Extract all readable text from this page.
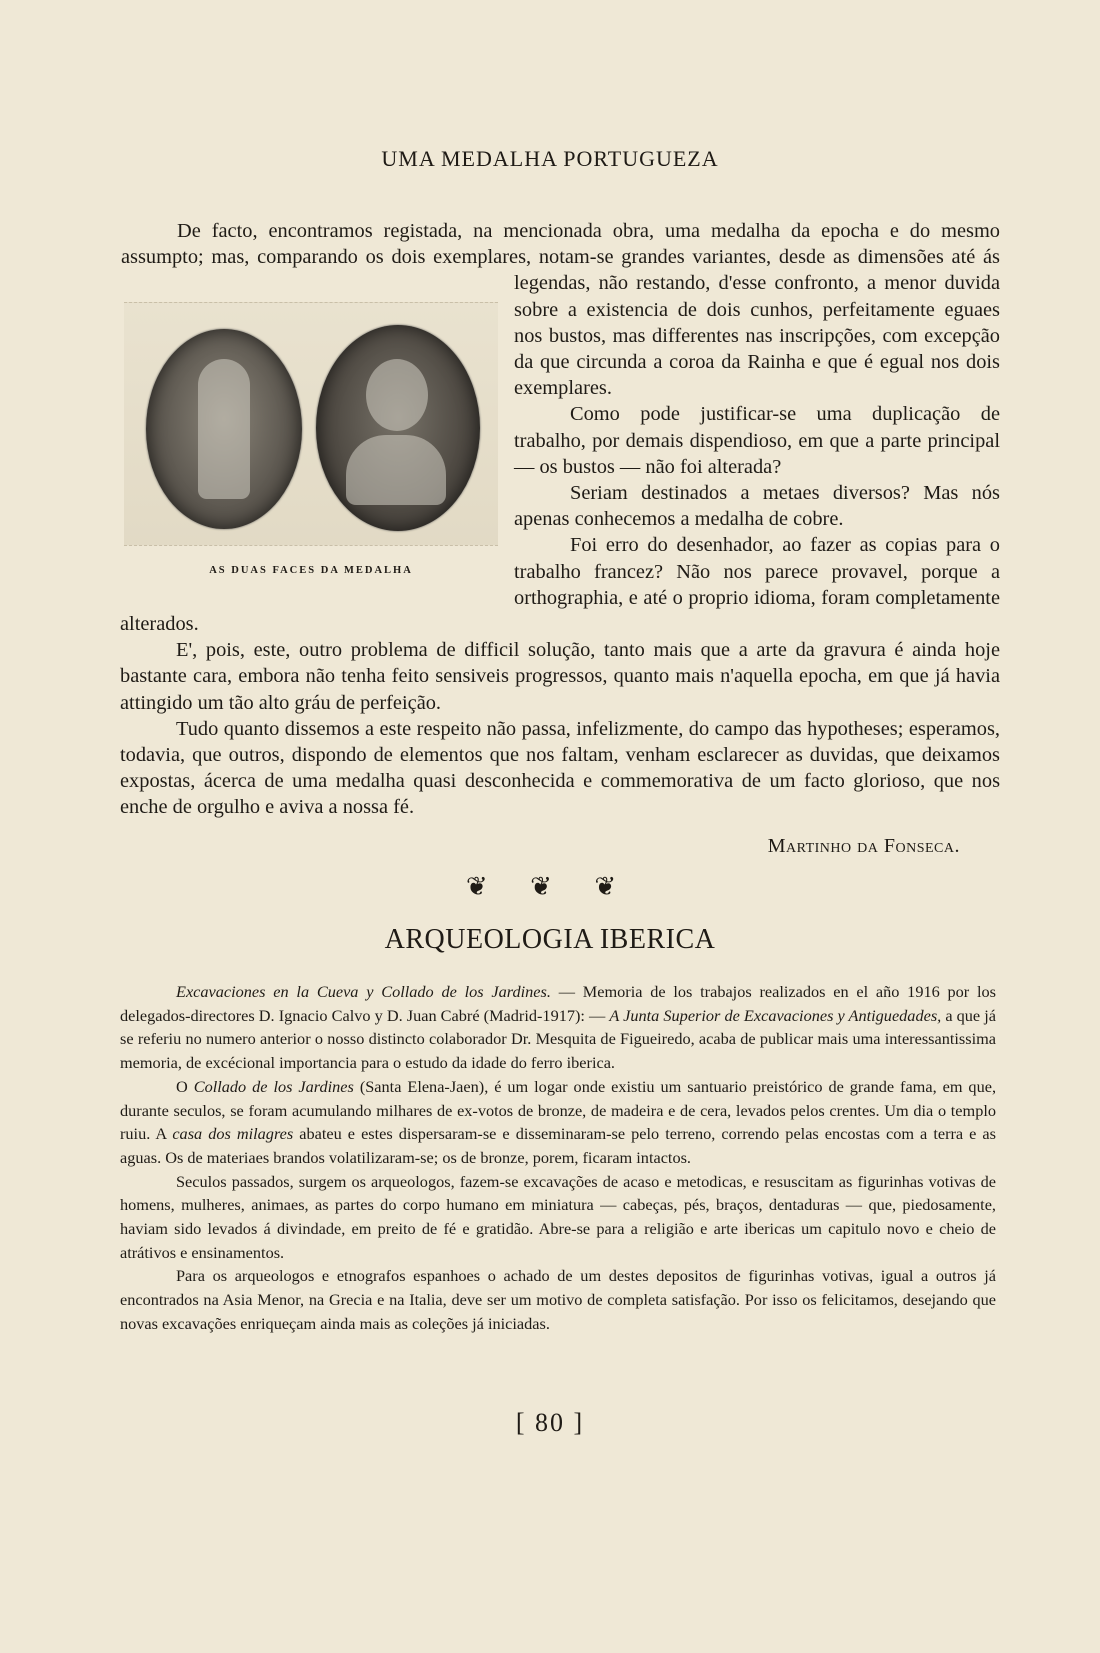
UMA MEDALHA PORTUGUEZA
AS DUAS FACES DA MEDALHA

De facto, encontramos registada, na mencionada obra, uma medalha da epocha e do mesmo assumpto; mas, comparando os dois exemplares, notam-se grandes variantes, desde as dimensões até ás legendas, não restando, d'esse confronto, a menor duvida sobre a existencia de dois cunhos, perfeitamente eguaes nos bustos, mas differentes nas inscripções, com excepção da que circunda a coroa da Rainha e que é egual nos dois exemplares.

Como pode justificar-se uma duplicação de trabalho, por demais dispendioso, em que a parte principal — os bustos — não foi alterada?

Seriam destinados a metaes diversos? Mas nós apenas conhecemos a medalha de cobre.

Foi erro do desenhador, ao fazer as copias para o trabalho francez? Não nos parece provavel, porque a orthographia, e até o proprio idioma, foram completamente alterados.

E', pois, este, outro problema de difficil solução, tanto mais que a arte da gravura é ainda hoje bastante cara, embora não tenha feito sensiveis progressos, quanto mais n'aquella epocha, em que já havia attingido um tão alto gráu de perfeição.

Tudo quanto dissemos a este respeito não passa, infelizmente, do campo das hypotheses; esperamos, todavia, que outros, dispondo de elementos que nos faltam, venham esclarecer as duvidas, que deixamos expostas, ácerca de uma medalha quasi desconhecida e commemorativa de um facto glorioso, que nos enche de orgulho e aviva a nossa fé.

Martinho da Fonseca.
❦ ❦ ❦
ARQUEOLOGIA IBERICA

Excavaciones en la Cueva y Collado de los Jardines. — Memoria de los trabajos realizados en el año 1916 por los delegados-directores D. Ignacio Calvo y D. Juan Cabré (Madrid-1917): — A Junta Superior de Excavaciones y Antiguedades, a que já se referiu no numero anterior o nosso distincto colaborador Dr. Mesquita de Figueiredo, acaba de publicar mais uma interessantissima memoria, de excécional importancia para o estudo da idade do ferro iberica.

O Collado de los Jardines (Santa Elena-Jaen), é um logar onde existiu um santuario preistórico de grande fama, em que, durante seculos, se foram acumulando milhares de ex-votos de bronze, de madeira e de cera, levados pelos crentes. Um dia o templo ruiu. A casa dos milagres abateu e estes dispersaram-se e disseminaram-se pelo terreno, correndo pelas encostas com a terra e as aguas. Os de materiaes brandos volatilizaram-se; os de bronze, porem, ficaram intactos.

Seculos passados, surgem os arqueologos, fazem-se excavações de acaso e metodicas, e resuscitam as figurinhas votivas de homens, mulheres, animaes, as partes do corpo humano em miniatura — cabeças, pés, braços, dentaduras — que, piedosamente, haviam sido levados á divindade, em preito de fé e gratidão. Abre-se para a religião e arte ibericas um capitulo novo e cheio de atrátivos e ensinamentos.

Para os arqueologos e etnografos espanhoes o achado de um destes depositos de figurinhas votivas, igual a outros já encontrados na Asia Menor, na Grecia e na Italia, deve ser um motivo de completa satisfação. Por isso os felicitamos, desejando que novas excavações enriqueçam ainda mais as coleções já iniciadas.

[ 80 ]
